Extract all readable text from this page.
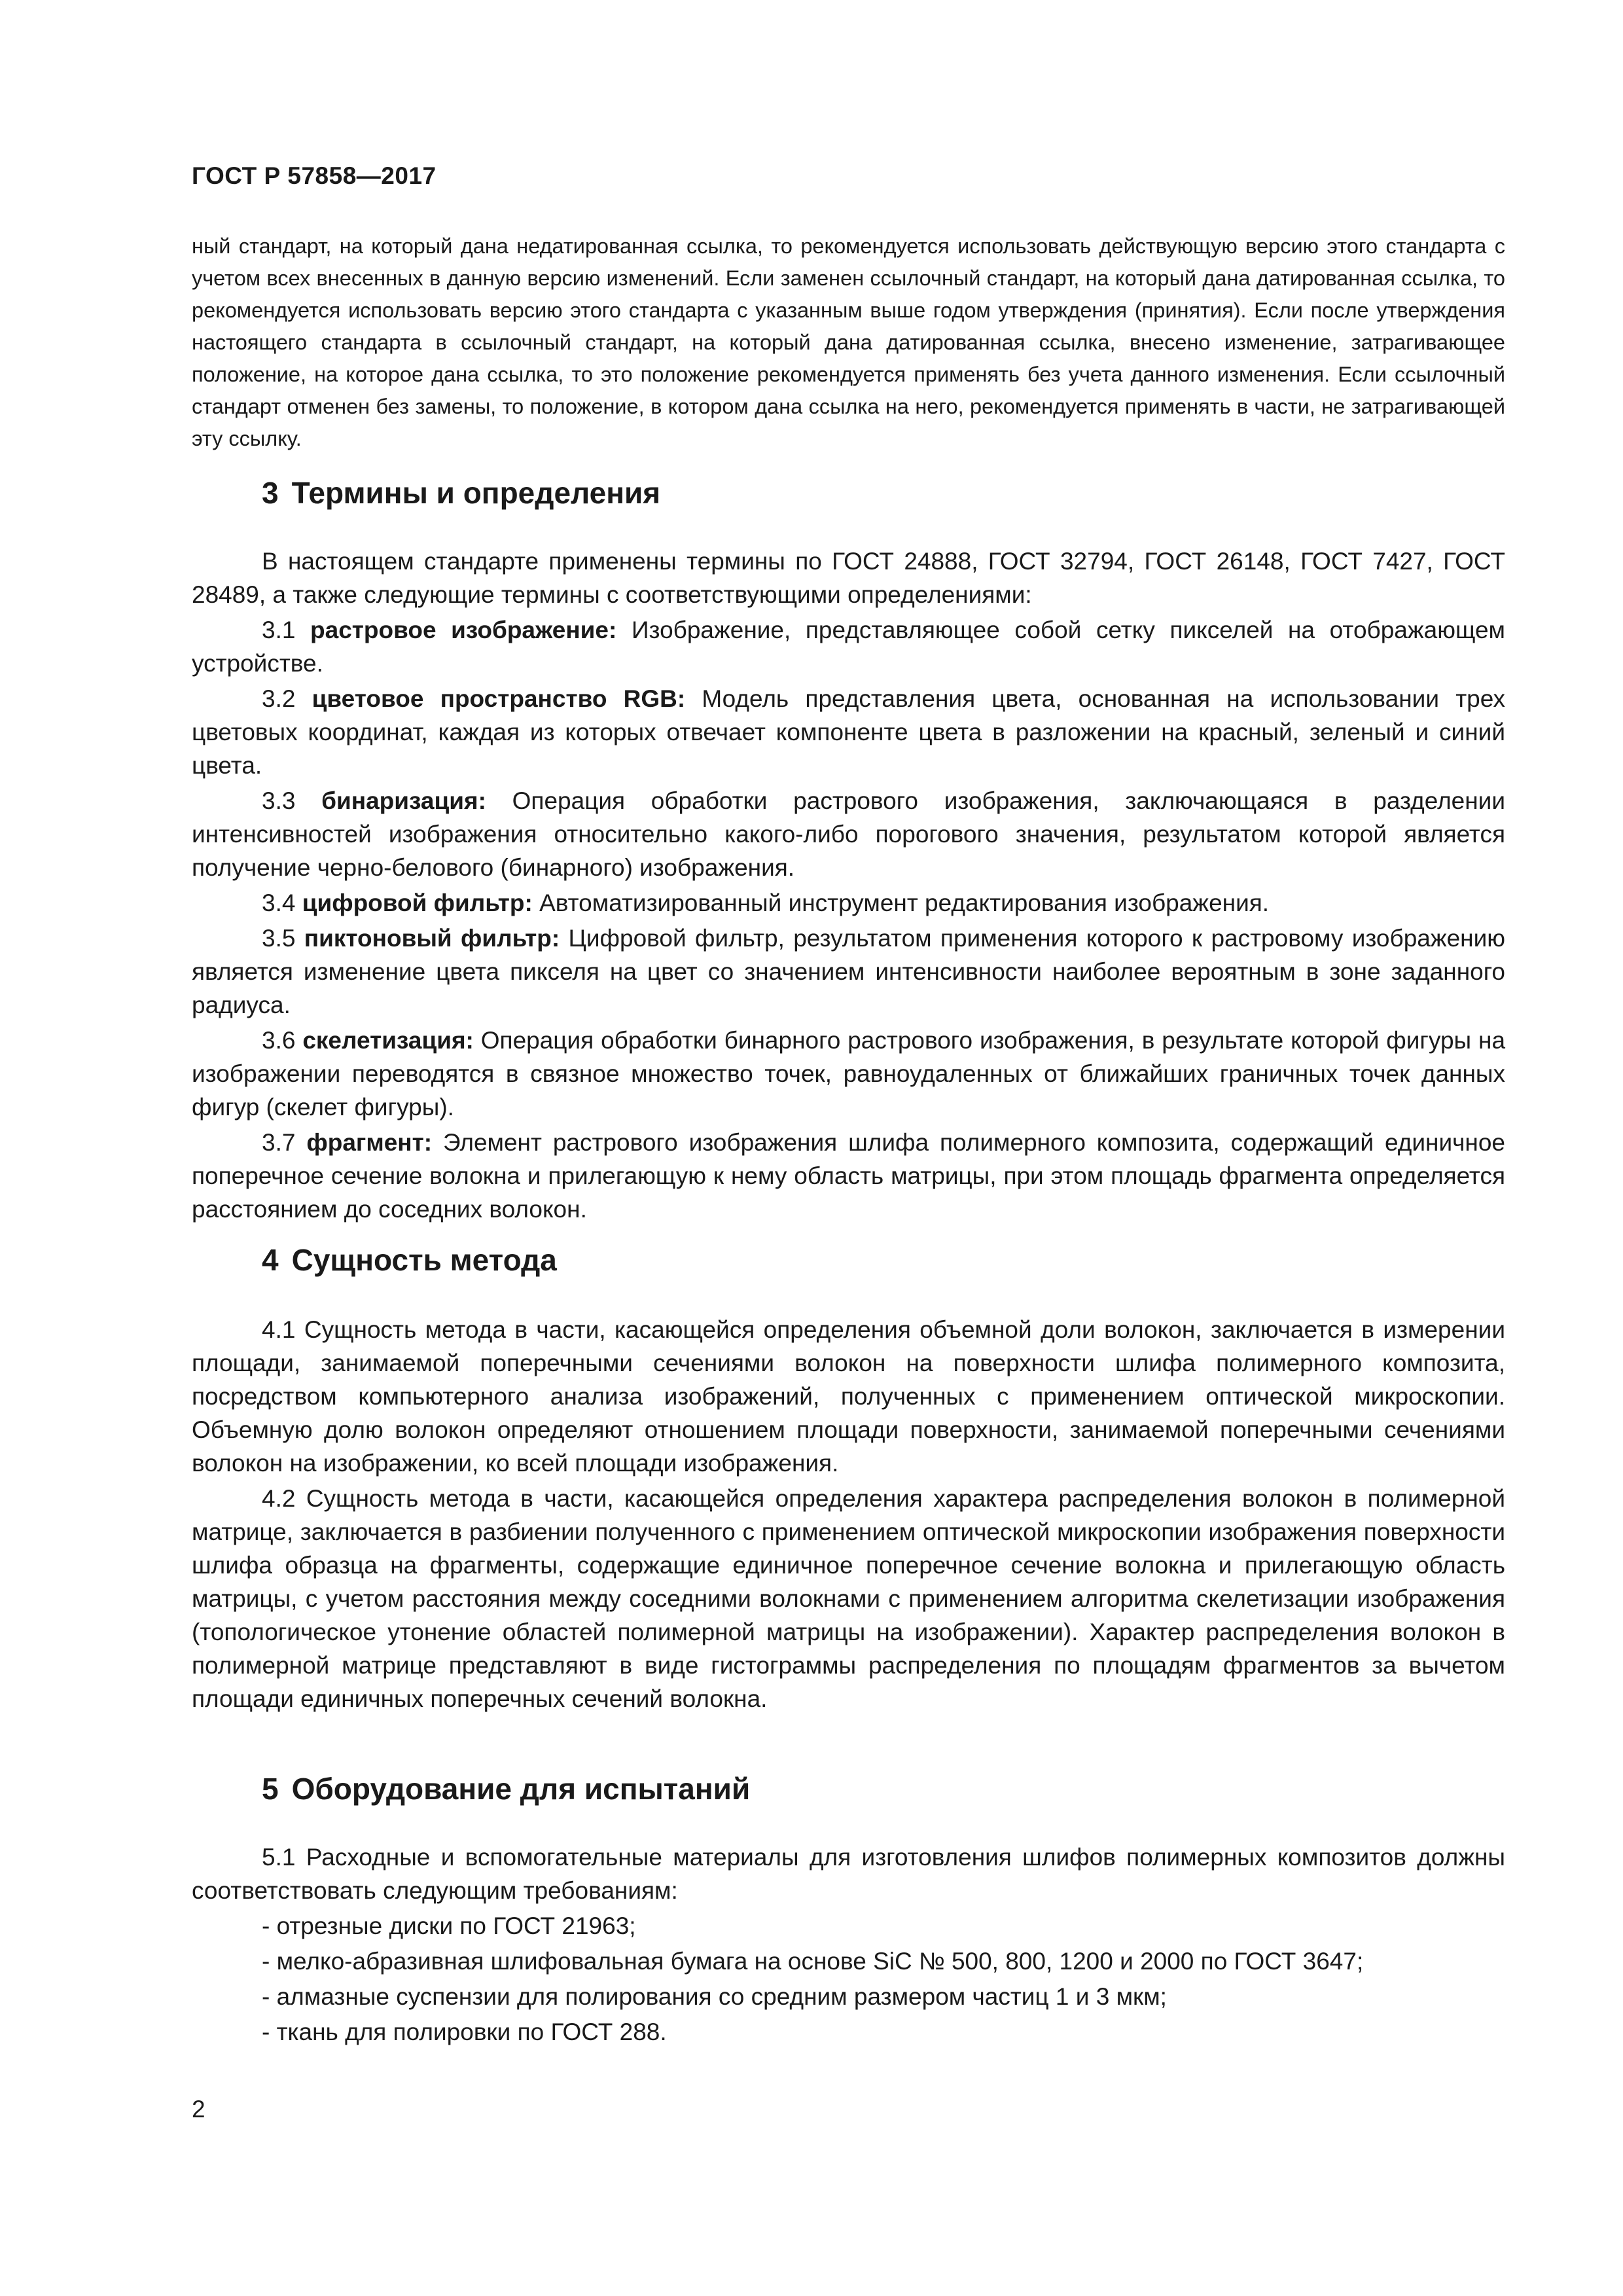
ГОСТ Р 57858—2017

ный стандарт, на который дана недатированная ссылка, то рекомендуется использовать действующую версию этого стандарта с учетом всех внесенных в данную версию изменений. Если заменен ссылочный стандарт, на который дана датированная ссылка, то рекомендуется использовать версию этого стандарта с указанным выше годом утверждения (принятия). Если после утверждения настоящего стандарта в ссылочный стандарт, на который дана датированная ссылка, внесено изменение, затрагивающее положение, на которое дана ссылка, то это положение рекомендуется применять без учета данного изменения. Если ссылочный стандарт отменен без замены, то положение, в котором дана ссылка на него, рекомендуется применять в части, не затрагивающей эту ссылку.

3 Термины и определения

В настоящем стандарте применены термины по ГОСТ 24888, ГОСТ 32794, ГОСТ 26148, ГОСТ 7427, ГОСТ 28489, а также следующие термины с соответствующими определениями:

3.1 растровое изображение: Изображение, представляющее собой сетку пикселей на отображающем устройстве.

3.2 цветовое пространство RGB: Модель представления цвета, основанная на использовании трех цветовых координат, каждая из которых отвечает компоненте цвета в разложении на красный, зеленый и синий цвета.

3.3 бинаризация: Операция обработки растрового изображения, заключающаяся в разделении интенсивностей изображения относительно какого-либо порогового значения, результатом которой является получение черно-белового (бинарного) изображения.

3.4 цифровой фильтр: Автоматизированный инструмент редактирования изображения.

3.5 пиктоновый фильтр: Цифровой фильтр, результатом применения которого к растровому изображению является изменение цвета пикселя на цвет со значением интенсивности наиболее вероятным в зоне заданного радиуса.

3.6 скелетизация: Операция обработки бинарного растрового изображения, в результате которой фигуры на изображении переводятся в связное множество точек, равноудаленных от ближайших граничных точек данных фигур (скелет фигуры).

3.7 фрагмент: Элемент растрового изображения шлифа полимерного композита, содержащий единичное поперечное сечение волокна и прилегающую к нему область матрицы, при этом площадь фрагмента определяется расстоянием до соседних волокон.

4 Сущность метода

4.1 Сущность метода в части, касающейся определения объемной доли волокон, заключается в измерении площади, занимаемой поперечными сечениями волокон на поверхности шлифа полимерного композита, посредством компьютерного анализа изображений, полученных с применением оптической микроскопии. Объемную долю волокон определяют отношением площади поверхности, занимаемой поперечными сечениями волокон на изображении, ко всей площади изображения.

4.2 Сущность метода в части, касающейся определения характера распределения волокон в полимерной матрице, заключается в разбиении полученного с применением оптической микроскопии изображения поверхности шлифа образца на фрагменты, содержащие единичное поперечное сечение волокна и прилегающую область матрицы, с учетом расстояния между соседними волокнами с применением алгоритма скелетизации изображения (топологическое утонение областей полимерной матрицы на изображении). Характер распределения волокон в полимерной матрице представляют в виде гистограммы распределения по площадям фрагментов за вычетом площади единичных поперечных сечений волокна.

5 Оборудование для испытаний

5.1 Расходные и вспомогательные материалы для изготовления шлифов полимерных композитов должны соответствовать следующим требованиям:

- отрезные диски по ГОСТ 21963;
- мелко-абразивная шлифовальная бумага на основе SiC № 500, 800, 1200 и 2000 по ГОСТ 3647;
- алмазные суспензии для полирования со средним размером частиц 1 и 3 мкм;
- ткань для полировки по ГОСТ 288.
2
